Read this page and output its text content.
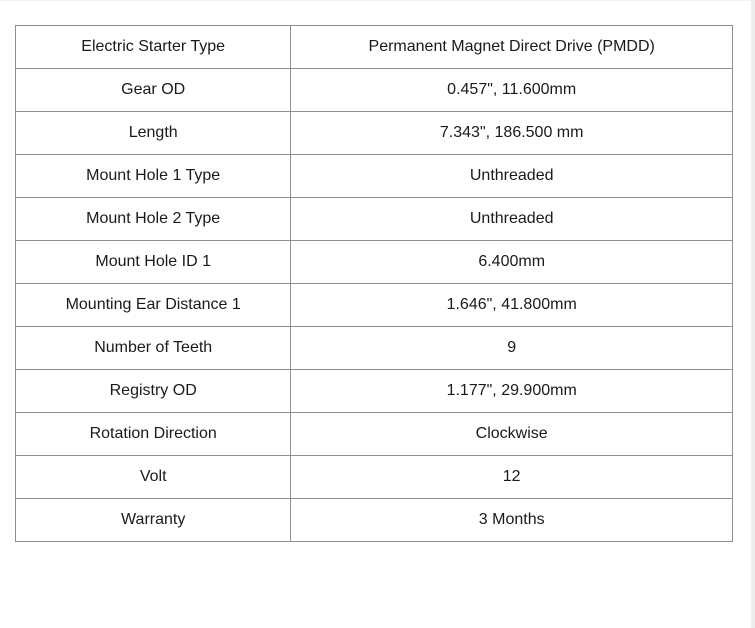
Electric Starter Type	Permanent Magnet Direct Drive (PMDD)
Gear OD	0.457", 11.600mm
Length	7.343", 186.500 mm
Mount Hole 1 Type	Unthreaded
Mount Hole 2 Type	Unthreaded
Mount Hole ID 1	6.400mm
Mounting Ear Distance 1	1.646", 41.800mm
Number of Teeth	9
Registry OD	1.177", 29.900mm
Rotation Direction	Clockwise
Volt	12
Warranty	3 Months
